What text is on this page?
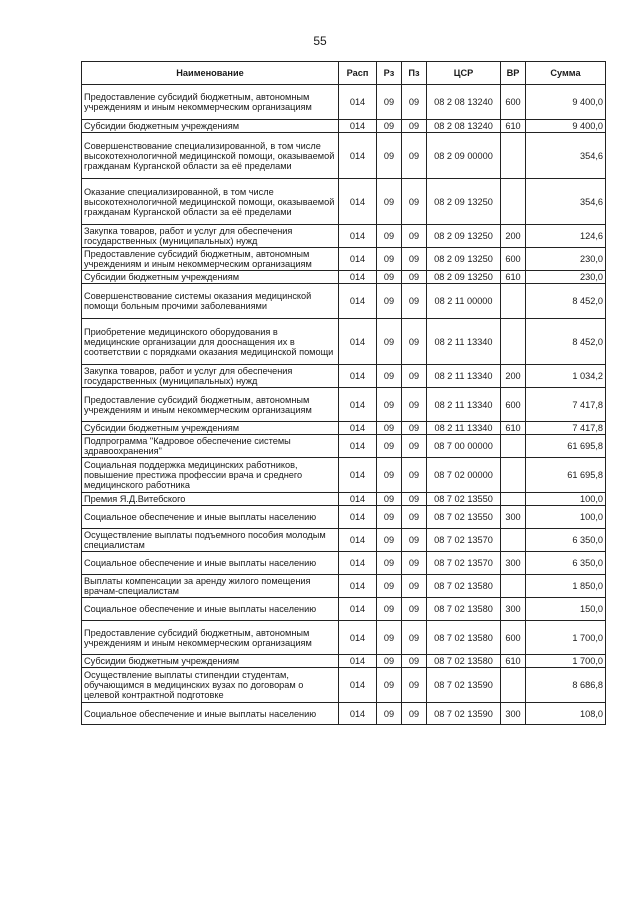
55
Наименование	Расп	Рз	Пз	ЦСР	ВР	Сумма
Предоставление субсидий бюджетным, автономным учреждениям и иным некоммерческим организациям	014	09	09	08 2 08 13240	600	9 400,0
Субсидии бюджетным учреждениям	014	09	09	08 2 08 13240	610	9 400,0
Совершенствование специализированной, в том числе высокотехнологичной медицинской помощи, оказываемой гражданам Курганской области за её пределами	014	09	09	08 2 09 00000		354,6
Оказание специализированной, в том числе высокотехнологичной медицинской помощи, оказываемой гражданам Курганской области за её пределами	014	09	09	08 2 09 13250		354,6
Закупка товаров, работ и услуг для обеспечения государственных (муниципальных) нужд	014	09	09	08 2 09 13250	200	124,6
Предоставление субсидий бюджетным, автономным учреждениям и иным некоммерческим организациям	014	09	09	08 2 09 13250	600	230,0
Субсидии бюджетным учреждениям	014	09	09	08 2 09 13250	610	230,0
Совершенствование системы оказания медицинской помощи больным прочими заболеваниями	014	09	09	08 2 11 00000		8 452,0
Приобретение медицинского оборудования в медицинские организации для дооснащения их в соответствии с порядками оказания медицинской помощи	014	09	09	08 2 11 13340		8 452,0
Закупка товаров, работ и услуг для обеспечения государственных (муниципальных) нужд	014	09	09	08 2 11 13340	200	1 034,2
Предоставление субсидий бюджетным, автономным учреждениям и иным некоммерческим организациям	014	09	09	08 2 11 13340	600	7 417,8
Субсидии бюджетным учреждениям	014	09	09	08 2 11 13340	610	7 417,8
Подпрограмма "Кадровое обеспечение системы здравоохранения"	014	09	09	08 7 00 00000		61 695,8
Социальная поддержка медицинских работников, повышение престижа профессии врача и среднего медицинского работника	014	09	09	08 7 02 00000		61 695,8
Премия Я.Д.Витебского	014	09	09	08 7 02 13550		100,0
Социальное обеспечение и иные выплаты населению	014	09	09	08 7 02 13550	300	100,0
Осуществление выплаты подъемного пособия молодым специалистам	014	09	09	08 7 02 13570		6 350,0
Социальное обеспечение и иные выплаты населению	014	09	09	08 7 02 13570	300	6 350,0
Выплаты компенсации за аренду жилого помещения врачам-специалистам	014	09	09	08 7 02 13580		1 850,0
Социальное обеспечение и иные выплаты населению	014	09	09	08 7 02 13580	300	150,0
Предоставление субсидий бюджетным, автономным учреждениям и иным некоммерческим организациям	014	09	09	08 7 02 13580	600	1 700,0
Субсидии бюджетным учреждениям	014	09	09	08 7 02 13580	610	1 700,0
Осуществление выплаты стипендии студентам, обучающимся в медицинских вузах по договорам о целевой контрактной подготовке	014	09	09	08 7 02 13590		8 686,8
Социальное обеспечение и иные выплаты населению	014	09	09	08 7 02 13590	300	108,0
